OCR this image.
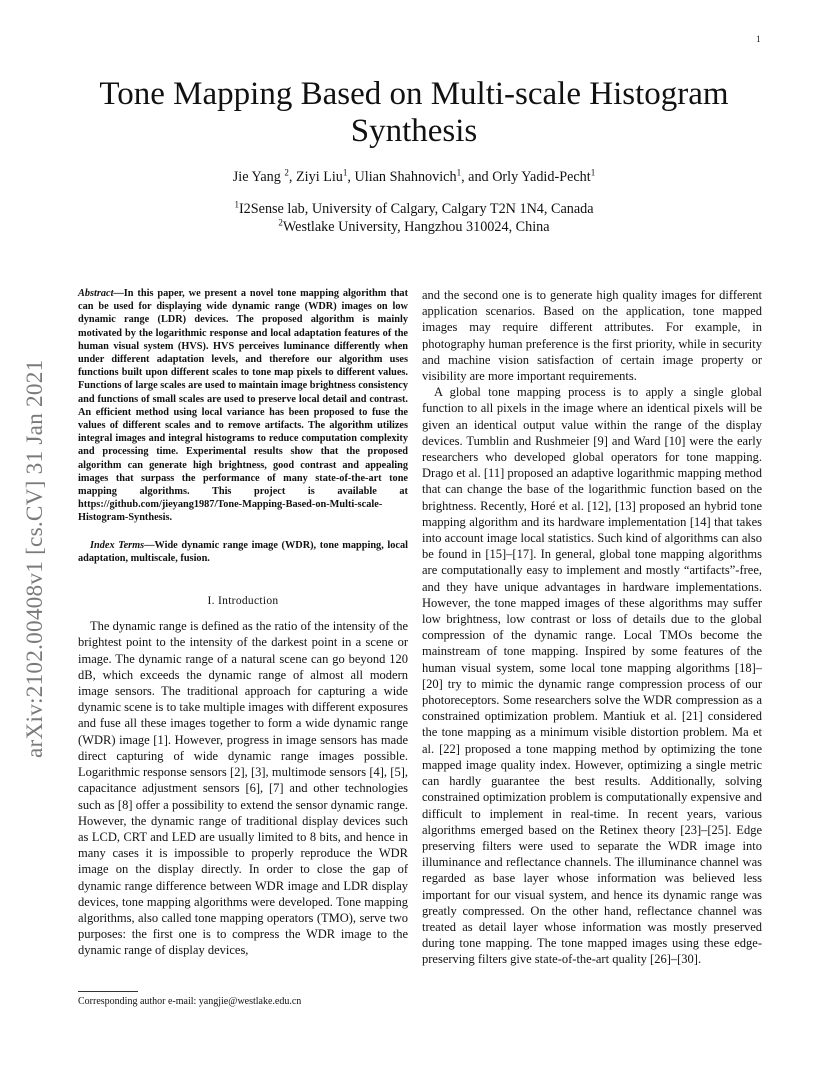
1
arXiv:2102.00408v1 [cs.CV] 31 Jan 2021
Tone Mapping Based on Multi-scale Histogram
Synthesis
Jie Yang $^2$, Ziyi Liu$^1$, Ulian Shahnovich$^1$, and Orly Yadid-Pecht$^1$
$^1$I2Sense lab, University of Calgary, Calgary T2N 1N4, Canada
$^2$Westlake University, Hangzhou 310024, China

Abstract—In this paper, we present a novel tone mapping algorithm that can be used for displaying wide dynamic range (WDR) images on low dynamic range (LDR) devices. The proposed algorithm is mainly motivated by the logarithmic response and local adaptation features of the human visual system (HVS). HVS perceives luminance differently when under different adaptation levels, and therefore our algorithm uses functions built upon different scales to tone map pixels to different values. Functions of large scales are used to maintain image brightness consistency and functions of small scales are used to preserve local detail and contrast. An efficient method using local variance has been proposed to fuse the values of different scales and to remove artifacts. The algorithm utilizes integral images and integral histograms to reduce computation complexity and processing time. Experimental results show that the proposed algorithm can generate high brightness, good contrast and appealing images that surpass the performance of many state-of-the-art tone mapping algorithms. This project is available at https://github.com/jieyang1987/Tone-Mapping-Based-on-Multi-scale-Histogram-Synthesis.

Index Terms—Wide dynamic range image (WDR), tone mapping, local adaptation, multiscale, fusion.

I. Introduction

The dynamic range is defined as the ratio of the intensity of the brightest point to the intensity of the darkest point in a scene or image. The dynamic range of a natural scene can go beyond 120 dB, which exceeds the dynamic range of almost all modern image sensors. The traditional approach for capturing a wide dynamic scene is to take multiple images with different exposures and fuse all these images together to form a wide dynamic range (WDR) image [1]. However, progress in image sensors has made direct capturing of wide dynamic range images possible. Logarithmic response sensors [2], [3], multimode sensors [4], [5], capacitance adjustment sensors [6], [7] and other technologies such as [8] offer a possibility to extend the sensor dynamic range. However, the dynamic range of traditional display devices such as LCD, CRT and LED are usually limited to 8 bits, and hence in many cases it is impossible to properly reproduce the WDR image on the display directly. In order to close the gap of dynamic range difference between WDR image and LDR display devices, tone mapping algorithms were developed. Tone mapping algorithms, also called tone mapping operators (TMO), serve two purposes: the first one is to compress the WDR image to the dynamic range of display devices,

and the second one is to generate high quality images for different application scenarios. Based on the application, tone mapped images may require different attributes. For example, in photography human preference is the first priority, while in security and machine vision satisfaction of certain image property or visibility are more important requirements.

A global tone mapping process is to apply a single global function to all pixels in the image where an identical pixels will be given an identical output value within the range of the display devices. Tumblin and Rushmeier [9] and Ward [10] were the early researchers who developed global operators for tone mapping. Drago et al. [11] proposed an adaptive logarithmic mapping method that can change the base of the logarithmic function based on the brightness. Recently, Horé et al. [12], [13] proposed an hybrid tone mapping algorithm and its hardware implementation [14] that takes into account image local statistics. Such kind of algorithms can also be found in [15]–[17]. In general, global tone mapping algorithms are computationally easy to implement and mostly “artifacts”-free, and they have unique advantages in hardware implementations. However, the tone mapped images of these algorithms may suffer low brightness, low contrast or loss of details due to the global compression of the dynamic range. Local TMOs become the mainstream of tone mapping. Inspired by some features of the human visual system, some local tone mapping algorithms [18]–[20] try to mimic the dynamic range compression process of our photoreceptors. Some researchers solve the WDR compression as a constrained optimization problem. Mantiuk et al. [21] considered the tone mapping as a minimum visible distortion problem. Ma et al. [22] proposed a tone mapping method by optimizing the tone mapped image quality index. However, optimizing a single metric can hardly guarantee the best results. Additionally, solving constrained optimization problem is computationally expensive and difficult to implement in real-time. In recent years, various algorithms emerged based on the Retinex theory [23]–[25]. Edge preserving filters were used to separate the WDR image into illuminance and reflectance channels. The illuminance channel was regarded as base layer whose information was believed less important for our visual system, and hence its dynamic range was greatly compressed. On the other hand, reflectance channel was treated as detail layer whose information was mostly preserved during tone mapping. The tone mapped images using these edge-preserving filters give state-of-the-art quality [26]–[30].

Corresponding author e-mail: yangjie@westlake.edu.cn
